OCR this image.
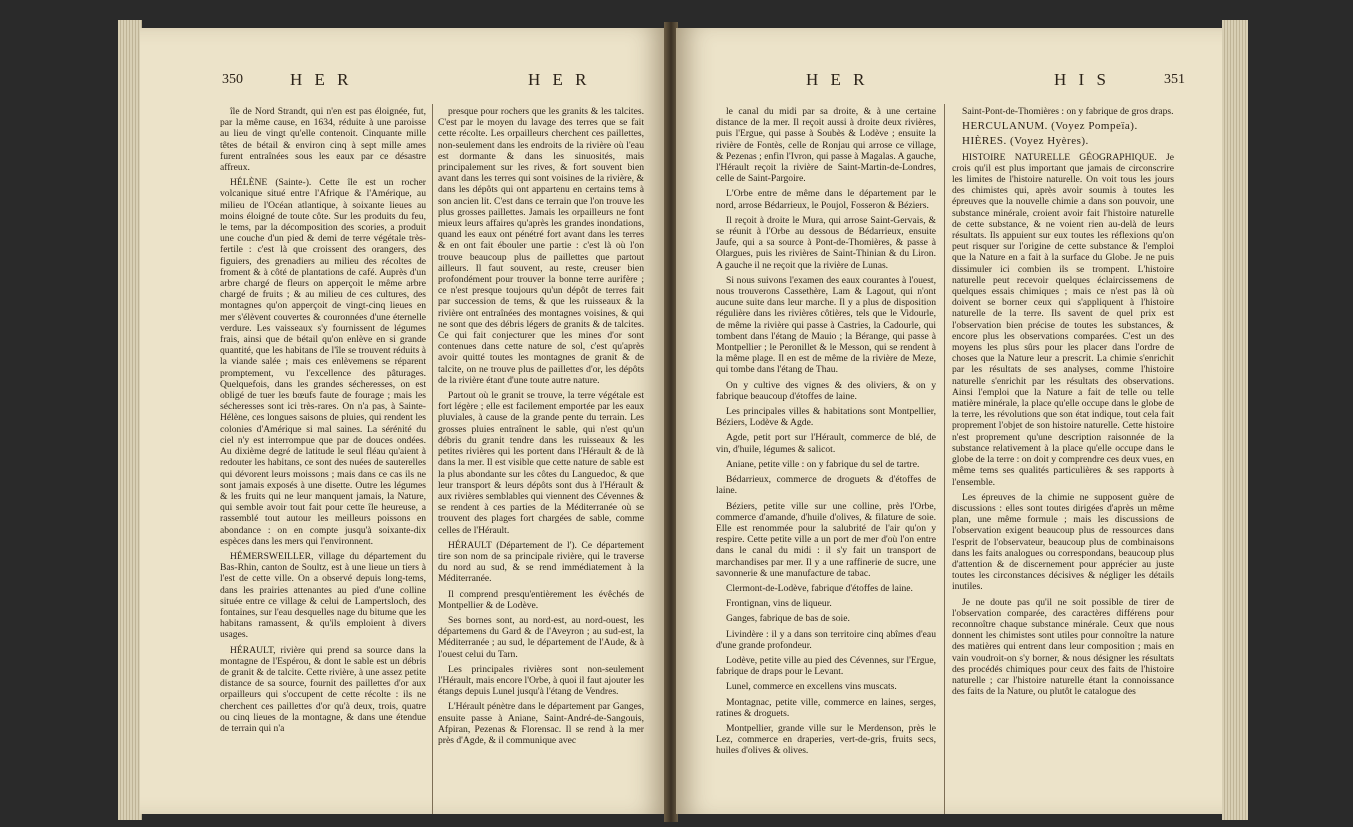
350	H E R	H E R

île de Nord Strandt, qui n'en est pas éloignée, fut, par la même cause, en 1634, réduite à une paroisse au lieu de vingt qu'elle contenoit. Cinquante mille têtes de bétail & environ cinq à sept mille ames furent entraînées sous les eaux par ce désastre affreux.

HÉLÈNE (Sainte-). Cette île est un rocher volcanique situé entre l'Afrique & l'Amérique, au milieu de l'Océan atlantique, à soixante lieues au moins éloigné de toute côte. Sur les produits du feu, le tems, par la décomposition des scories, a produit une couche d'un pied & demi de terre végétale très-fertile : c'est là que croissent des orangers, des figuiers, des grenadiers au milieu des récoltes de froment & à côté de plantations de café. Auprès d'un arbre chargé de fleurs on apperçoit le même arbre chargé de fruits ; & au milieu de ces cultures, des montagnes qu'on apperçoit de vingt-cinq lieues en mer s'élèvent couvertes & couronnées d'une éternelle verdure. Les vaisseaux s'y fournissent de légumes frais, ainsi que de bétail qu'on enlève en si grande quantité, que les habitans de l'île se trouvent réduits à la viande salée ; mais ces enlèvemens se réparent promptement, vu l'excellence des pâturages. Quelquefois, dans les grandes sécheresses, on est obligé de tuer les bœufs faute de fourage ; mais les sécheresses sont ici très-rares. On n'a pas, à Sainte-Hélène, ces longues saisons de pluies, qui rendent les colonies d'Amérique si mal saines. La sérénité du ciel n'y est interrompue que par de douces ondées. Au dixième degré de latitude le seul fléau qu'aient à redouter les habitans, ce sont des nuées de sauterelles qui dévorent leurs moissons ; mais dans ce cas ils ne sont jamais exposés à une disette. Outre les légumes & les fruits qui ne leur manquent jamais, la Nature, qui semble avoir tout fait pour cette île heureuse, a rassemblé tout autour les meilleurs poissons en abondance : on en compte jusqu'à soixante-dix espèces dans les mers qui l'environnent.

HÉMERSWEILLER, village du département du Bas-Rhin, canton de Soultz, est à une lieue un tiers à l'est de cette ville. On a observé depuis long-tems, dans les prairies attenantes au pied d'une colline située entre ce village & celui de Lampertsloch, des fontaines, sur l'eau desquelles nage du bitume que les habitans ramassent, & qu'ils emploient à divers usages.

HÉRAULT, rivière qui prend sa source dans la montagne de l'Espérou, & dont le sable est un débris de granit & de talcite. Cette rivière, à une assez petite distance de sa source, fournit des paillettes d'or aux orpailleurs qui s'occupent de cette récolte : ils ne cherchent ces paillettes d'or qu'à deux, trois, quatre ou cinq lieues de la montagne, & dans une étendue de terrain qui n'a

presque pour rochers que les granits & les talcites. C'est par le moyen du lavage des terres que se fait cette récolte. Les orpailleurs cherchent ces paillettes, non-seulement dans les endroits de la rivière où l'eau est dormante & dans les sinuosités, mais principalement sur les rives, & fort souvent bien avant dans les terres qui sont voisines de la rivière, & dans les dépôts qui ont appartenu en certains tems à son ancien lit. C'est dans ce terrain que l'on trouve les plus grosses paillettes. Jamais les orpailleurs ne font mieux leurs affaires qu'après les grandes inondations, quand les eaux ont pénétré fort avant dans les terres & en ont fait ébouler une partie : c'est là où l'on trouve beaucoup plus de paillettes que partout ailleurs. Il faut souvent, au reste, creuser bien profondément pour trouver la bonne terre aurifère ; ce n'est presque toujours qu'un dépôt de terres fait par succession de tems, & que les ruisseaux & la rivière ont entraînées des montagnes voisines, & qui ne sont que des débris légers de granits & de talcites. Ce qui fait conjecturer que les mines d'or sont contenues dans cette nature de sol, c'est qu'après avoir quitté toutes les montagnes de granit & de talcite, on ne trouve plus de paillettes d'or, les dépôts de la rivière étant d'une toute autre nature.

Partout où le granit se trouve, la terre végétale est fort légère ; elle est facilement emportée par les eaux pluviales, à cause de la grande pente du terrain. Les grosses pluies entraînent le sable, qui n'est qu'un débris du granit tendre dans les ruisseaux & les petites rivières qui les portent dans l'Hérault & de là dans la mer. Il est visible que cette nature de sable est la plus abondante sur les côtes du Languedoc, & que leur transport & leurs dépôts sont dus à l'Hérault & aux rivières semblables qui viennent des Cévennes & se rendent à ces parties de la Méditerranée où se trouvent des plages fort chargées de sable, comme celles de l'Hérault.

HÉRAULT (Département de l'). Ce département tire son nom de sa principale rivière, qui le traverse du nord au sud, & se rend immédiatement à la Méditerranée.

Il comprend presqu'entièrement les évêchés de Montpellier & de Lodève.

Ses bornes sont, au nord-est, au nord-ouest, les départemens du Gard & de l'Aveyron ; au sud-est, la Méditerranée ; au sud, le département de l'Aude, & à l'ouest celui du Tarn.

Les principales rivières sont non-seulement l'Hérault, mais encore l'Orbe, à quoi il faut ajouter les étangs depuis Lunel jusqu'à l'étang de Vendres.

L'Hérault pénètre dans le département par Ganges, ensuite passe à Aniane, Saint-André-de-Sangouis, Afpiran, Pezenas & Florensac. Il se rend à la mer près d'Agde, & il communique avec

H E R	H I S	351

le canal du midi par sa droite, & à une certaine distance de la mer. Il reçoit aussi à droite deux rivières, puis l'Ergue, qui passe à Soubès & Lodève ; ensuite la rivière de Fontès, celle de Ronjau qui arrose ce village, & Pezenas ; enfin l'Ivron, qui passe à Magalas. A gauche, l'Hérault reçoit la rivière de Saint-Martin-de-Londres, celle de Saint-Pargoire.

L'Orbe entre de même dans le département par le nord, arrose Bédarrieux, le Poujol, Fosseron & Béziers.

Il reçoit à droite le Mura, qui arrose Saint-Gervais, & se réunit à l'Orbe au dessous de Bédarrieux, ensuite Jaufe, qui a sa source à Pont-de-Thomières, & passe à Olargues, puis les rivières de Saint-Thinian & du Liron. A gauche il ne reçoit que la rivière de Lunas.

Si nous suivons l'examen des eaux courantes à l'ouest, nous trouverons Cassethère, Lam & Lagout, qui n'ont aucune suite dans leur marche. Il y a plus de disposition régulière dans les rivières côtières, tels que le Vidourle, de même la rivière qui passe à Castries, la Cadourle, qui tombent dans l'étang de Mauio ; la Bérange, qui passe à Montpellier ; le Peronillet & le Messon, qui se rendent à la même plage. Il en est de même de la rivière de Meze, qui tombe dans l'étang de Thau.

On y cultive des vignes & des oliviers, & on y fabrique beaucoup d'étoffes de laine.

Les principales villes & habitations sont Montpellier, Béziers, Lodève & Agde.

Agde, petit port sur l'Hérault, commerce de blé, de vin, d'huile, légumes & salicot.

Aniane, petite ville : on y fabrique du sel de tartre.

Bédarrieux, commerce de droguets & d'étoffes de laine.

Béziers, petite ville sur une colline, près l'Orbe, commerce d'amande, d'huile d'olives, & filature de soie. Elle est renommée pour la salubrité de l'air qu'on y respire. Cette petite ville a un port de mer d'où l'on entre dans le canal du midi : il s'y fait un transport de marchandises par mer. Il y a une raffinerie de sucre, une savonnerie & une manufacture de tabac.

Clermont-de-Lodève, fabrique d'étoffes de laine.

Frontignan, vins de liqueur.

Ganges, fabrique de bas de soie.

Livindère : il y a dans son territoire cinq abîmes d'eau d'une grande profondeur.

Lodève, petite ville au pied des Cévennes, sur l'Ergue, fabrique de draps pour le Levant.

Lunel, commerce en excellens vins muscats.

Montagnac, petite ville, commerce en laines, serges, ratines & droguets.

Montpellier, grande ville sur le Merdenson, près le Lez, commerce en draperies, vert-de-gris, fruits secs, huiles d'olives & olives.

Saint-Pont-de-Thomières : on y fabrique de gros draps.

HERCULANUM. (Voyez Pompeïa).

HIÈRES. (Voyez Hyères).

HISTOIRE NATURELLE GÉOGRAPHIQUE. Je crois qu'il est plus important que jamais de circonscrire les limites de l'histoire naturelle. On voit tous les jours des chimistes qui, après avoir soumis à toutes les épreuves que la nouvelle chimie a dans son pouvoir, une substance minérale, croient avoir fait l'histoire naturelle de cette substance, & ne voient rien au-delà de leurs résultats. Ils appuient sur eux toutes les réflexions qu'on peut risquer sur l'origine de cette substance & l'emploi que la Nature en a fait à la surface du Globe. Je ne puis dissimuler ici combien ils se trompent. L'histoire naturelle peut recevoir quelques éclaircissemens de quelques essais chimiques ; mais ce n'est pas là où doivent se borner ceux qui s'appliquent à l'histoire naturelle de la terre. Ils savent de quel prix est l'observation bien précise de toutes les substances, & encore plus les observations comparées. C'est un des moyens les plus sûrs pour les placer dans l'ordre de choses que la Nature leur a prescrit. La chimie s'enrichit par les résultats de ses analyses, comme l'histoire naturelle s'enrichit par les résultats des observations. Ainsi l'emploi que la Nature a fait de telle ou telle matière minérale, la place qu'elle occupe dans le globe de la terre, les révolutions que son état indique, tout cela fait proprement l'objet de son histoire naturelle. Cette histoire n'est proprement qu'une description raisonnée de la substance relativement à la place qu'elle occupe dans le globe de la terre : on doit y comprendre ces deux vues, en même tems ses qualités particulières & ses rapports à l'ensemble.

Les épreuves de la chimie ne supposent guère de discussions : elles sont toutes dirigées d'après un même plan, une même formule ; mais les discussions de l'observation exigent beaucoup plus de ressources dans l'esprit de l'observateur, beaucoup plus de combinaisons dans les faits analogues ou correspondans, beaucoup plus d'attention & de discernement pour apprécier au juste toutes les circonstances décisives & négliger les détails inutiles.

Je ne doute pas qu'il ne soit possible de tirer de l'observation comparée, des caractères différens pour reconnoître chaque substance minérale. Ceux que nous donnent les chimistes sont utiles pour connoître la nature des matières qui entrent dans leur composition ; mais en vain voudroit-on s'y borner, & nous désigner les résultats des procédés chimiques pour ceux des faits de l'histoire naturelle ; car l'histoire naturelle étant la connoissance des faits de la Nature, ou plutôt le catalogue des
